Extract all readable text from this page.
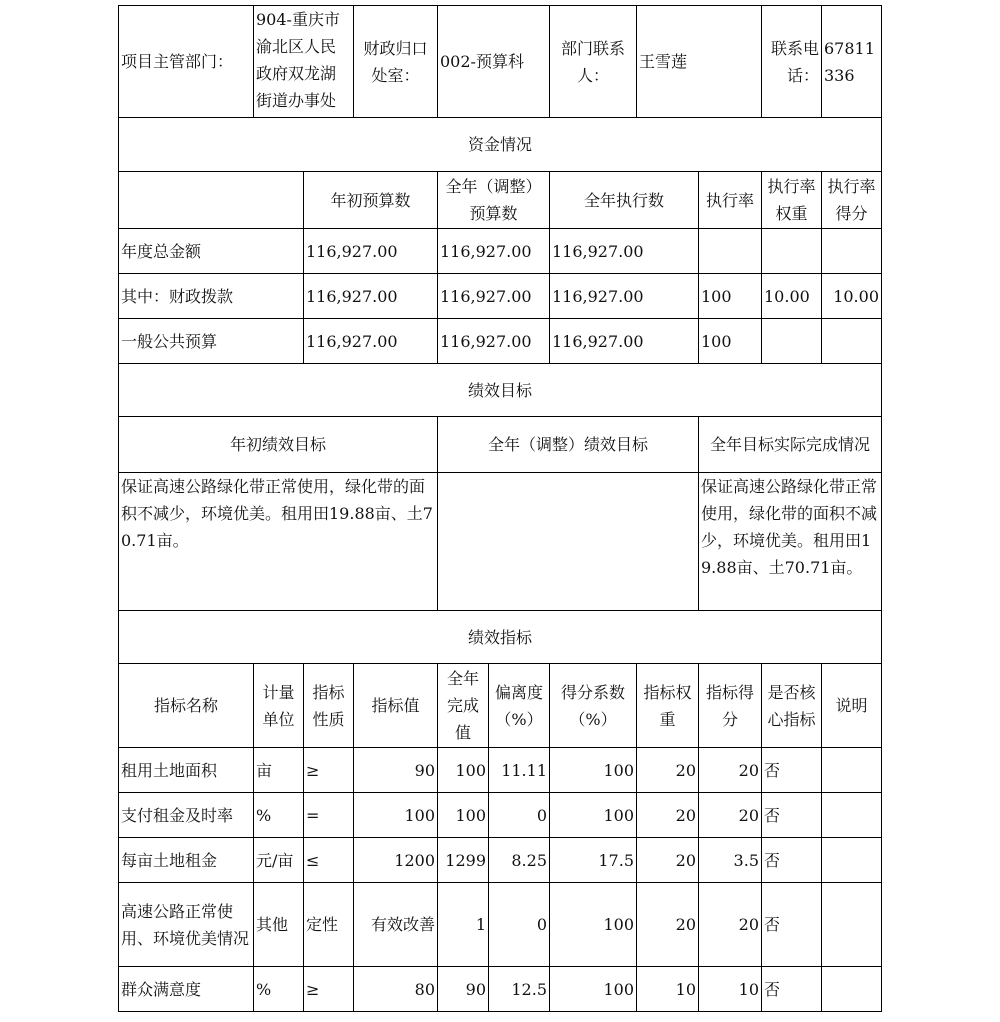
项目主管部门：	904-重庆市渝北区人民政府双龙湖街道办事处		财政归口处室：	002-预算科		部门联系人：	王雪莲		联系电话：	67811336
资金情况										
		年初预算数		全年（调整）预算数		全年执行数		执行率	执行率权重	执行率得分
年度总金额		116,927.00		116,927.00		116,927.00				
其中：财政拨款		116,927.00		116,927.00		116,927.00		100	10.00	10.00
一般公共预算		116,927.00		116,927.00		116,927.00		100		
绩效目标										
年初绩效目标				全年（调整）绩效目标				全年目标实际完成情况		
保证高速公路绿化带正常使用，绿化带的面积不减少，环境优美。租用田19.88亩、土70.71亩。								保证高速公路绿化带正常使用，绿化带的面积不减少，环境优美。租用田19.88亩、土70.71亩。		
绩效指标										
指标名称	计量单位	指标性质	指标值	全年完成值	偏离度（%）	得分系数（%）	指标权重	指标得分	是否核心指标	说明
租用土地面积	亩	≥	90	100	11.11	100	20	20	否	
支付租金及时率	%	=	100	100	0	100	20	20	否	
每亩土地租金	元/亩	≤	1200	1299	8.25	17.5	20	3.5	否	
高速公路正常使用、环境优美情况	其他	定性	有效改善	1	0	100	20	20	否	
群众满意度	%	≥	80	90	12.5	100	10	10	否	
